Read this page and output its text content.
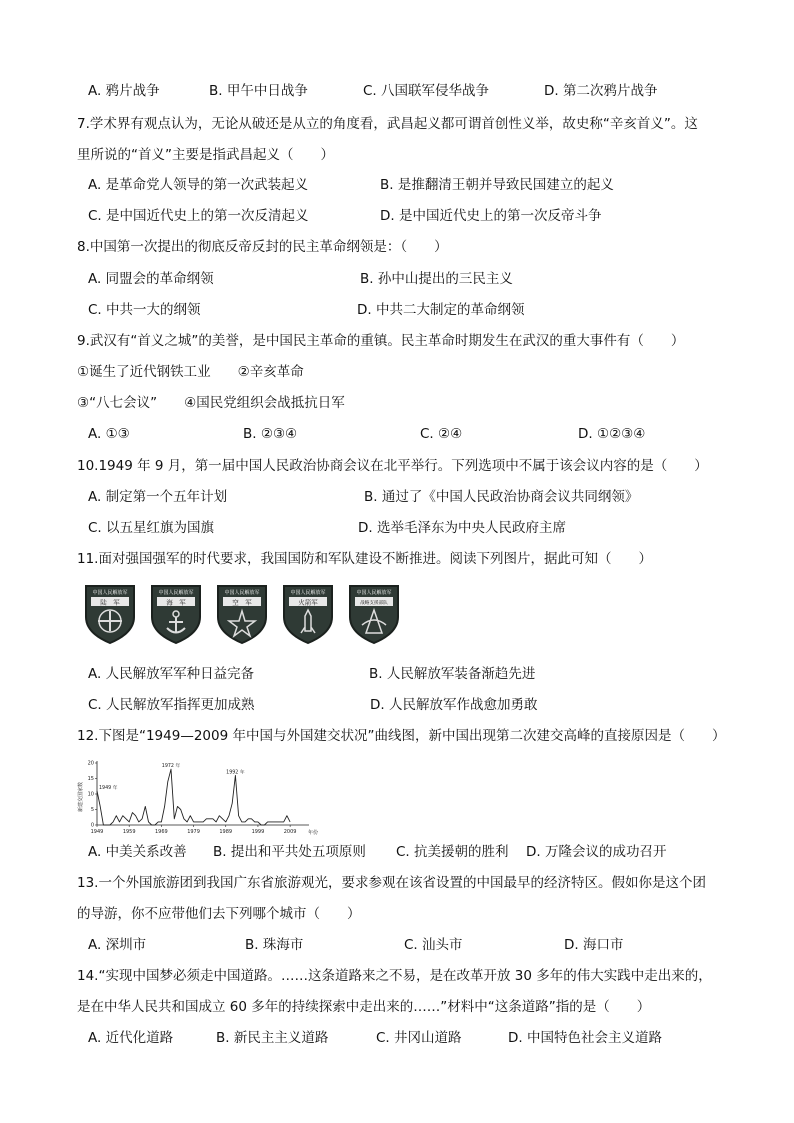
A. 鸦片战争	B. 甲午中日战争	C. 八国联军侵华战争	D. 第二次鸦片战争
7.学术界有观点认为，无论从破还是从立的角度看，武昌起义都可谓首创性义举，故史称“辛亥首义”。这
里所说的“首义”主要是指武昌起义（　　）
A. 是革命党人领导的第一次武装起义	B. 是推翻清王朝并导致民国建立的起义
C. 是中国近代史上的第一次反清起义	D. 是中国近代史上的第一次反帝斗争
8.中国第一次提出的彻底反帝反封的民主革命纲领是：（　　）
A. 同盟会的革命纲领	B. 孙中山提出的三民主义
C. 中共一大的纲领	D. 中共二大制定的革命纲领
9.武汉有“首义之城”的美誉，是中国民主革命的重镇。民主革命时期发生在武汉的重大事件有（　　）
①诞生了近代钢铁工业　　②辛亥革命
③“八七会议”　　④国民党组织会战抵抗日军
A. ①③	B. ②③④	C. ②④	D. ①②③④
10.1949 年 9 月，第一届中国人民政治协商会议在北平举行。下列选项中不属于该会议内容的是（　　）
A. 制定第一个五年计划	B. 通过了《中国人民政治协商会议共同纲领》
C. 以五星红旗为国旗	D. 选举毛泽东为中央人民政府主席
11.面对强国强军的时代要求，我国国防和军队建设不断推进。阅读下列图片，据此可知（　　）
中国人民解放军
陆　军
中国人民解放军
海　军
中国人民解放军
空　军
中国人民解放军
火箭军
中国人民解放军
战略支援部队
A. 人民解放军军种日益完备	B. 人民解放军装备渐趋先进
C. 人民解放军指挥更加成熟	D. 人民解放军作战愈加勇敢
12.下图是“1949—2009 年中国与外国建交状况”曲线图，新中国出现第二次建交高峰的直接原因是（　　）
新建交国家数
年份
0
5
10
15
20
1949	1959	1969	1979	1989	1999	2009
1949 年
1972 年
1992 年
A. 中美关系改善 B. 提出和平共处五项原则 C. 抗美援朝的胜利 D. 万隆会议的成功召开
13.一个外国旅游团到我国广东省旅游观光，要求参观在该省设置的中国最早的经济特区。假如你是这个团
的导游，你不应带他们去下列哪个城市（　　）
A. 深圳市	B. 珠海市	C. 汕头市	D. 海口市
14.“实现中国梦必须走中国道路。……这条道路来之不易，是在改革开放 30 多年的伟大实践中走出来的，
是在中华人民共和国成立 60 多年的持续探索中走出来的……”材料中“这条道路”指的是（　　）
A. 近代化道路	B. 新民主主义道路	C. 井冈山道路	D. 中国特色社会主义道路
